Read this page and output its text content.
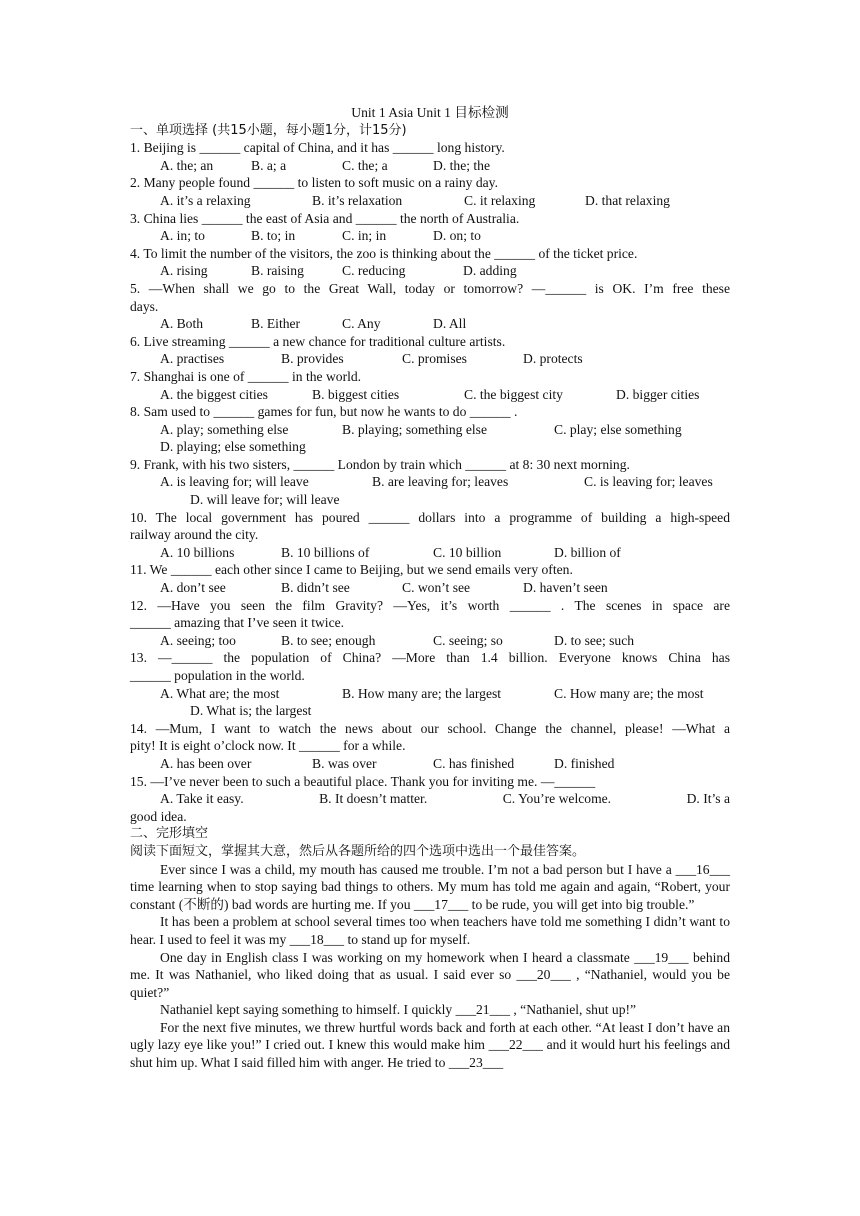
Unit 1 Asia Unit 1 目标检测
一、单项选择 (共15小题，每小题1分，计15分)
1. Beijing is ______ capital of China, and it has ______ long history.
A. the; an	B. a; a	C. the; a	D. the; the
2. Many people found ______ to listen to soft music on a rainy day.
A. it’s a relaxing	B. it’s relaxation	C. it relaxing	D. that relaxing
3. China lies ______ the east of Asia and ______ the north of Australia.
A. in; to	B. to; in	C. in; in	D. on; to
4. To limit the number of the visitors, the zoo is thinking about the ______ of the ticket price.
A. rising	B. raising	C. reducing	D. adding
5. —When shall we go to the Great Wall, today or tomorrow? —______ is OK. I’m free these
days.
A. Both	B. Either	C. Any	D. All
6. Live streaming ______ a new chance for traditional culture artists.
A. practises	B. provides	C. promises	D. protects
7. Shanghai is one of ______ in the world.
A. the biggest cities	B. biggest cities	C. the biggest city	D. bigger cities
8. Sam used to ______ games for fun, but now he wants to do ______ .
A. play; something else	B. playing; something else	C. play; else something
D. playing; else something
9. Frank, with his two sisters, ______ London by train which ______ at 8: 30 next morning.
A. is leaving for; will leave	B. are leaving for; leaves	C. is leaving for; leaves
D. will leave for; will leave
10. The local government has poured ______ dollars into a programme of building a high-speed
railway around the city.
A. 10 billions	B. 10 billions of	C. 10 billion	D. billion of
11. We ______ each other since I came to Beijing, but we send emails very often.
A. don’t see	B. didn’t see	C. won’t see	D. haven’t seen
12. —Have you seen the film Gravity? —Yes, it’s worth ______ . The scenes in space are
______ amazing that I’ve seen it twice.
A. seeing; too	B. to see; enough	C. seeing; so	D. to see; such
13. —______ the population of China? —More than 1.4 billion. Everyone knows China has
______ population in the world.
A. What are; the most	B. How many are; the largest	C. How many are; the most
D. What is; the largest
14. —Mum, I want to watch the news about our school. Change the channel, please! —What a
pity! It is eight o’clock now. It ______ for a while.
A. has been over	B. was over	C. has finished	D. finished
15. —I’ve never been to such a beautiful place. Thank you for inviting me. —______
A. Take it easy.	B. It doesn’t matter.	C. You’re welcome.	D. It’s a
good idea.
二、完形填空
阅读下面短文，掌握其大意，然后从各题所给的四个选项中选出一个最佳答案。
Ever since I was a child, my mouth has caused me trouble. I’m not a bad person but I have a ___16___ time learning when to stop saying bad things to others. My mum has told me again and again, “Robert, your constant (不断的) bad words are hurting me. If you ___17___ to be rude, you will get into big trouble.”
It has been a problem at school several times too when teachers have told me something I didn’t want to hear. I used to feel it was my ___18___ to stand up for myself.
One day in English class I was working on my homework when I heard a classmate ___19___ behind me. It was Nathaniel, who liked doing that as usual. I said ever so ___20___ , “Nathaniel, would you be quiet?”
Nathaniel kept saying something to himself. I quickly ___21___ , “Nathaniel, shut up!”
For the next five minutes, we threw hurtful words back and forth at each other. “At least I don’t have an ugly lazy eye like you!” I cried out. I knew this would make him ___22___ and it would hurt his feelings and shut him up. What I said filled him with anger. He tried to ___23___
